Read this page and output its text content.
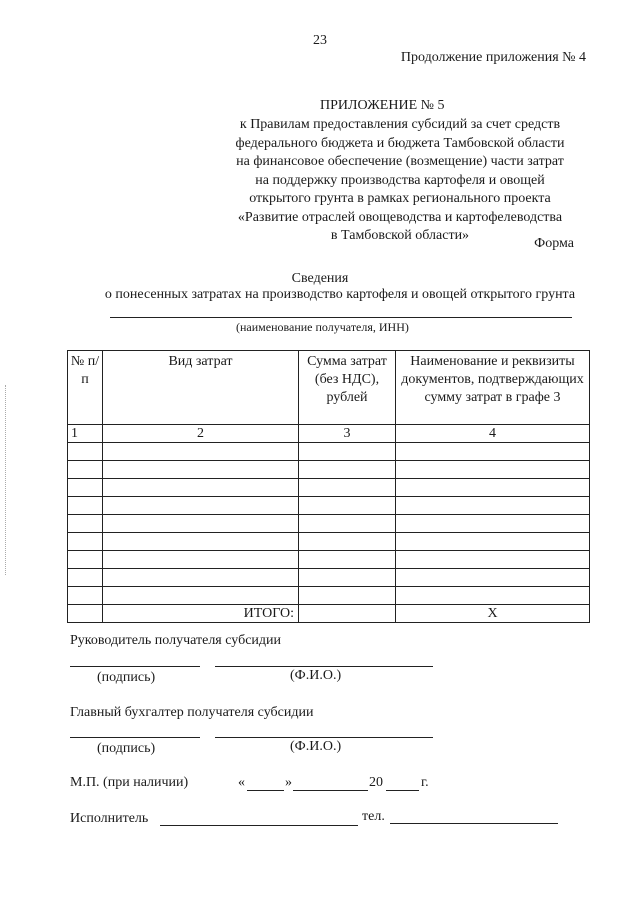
23
Продолжение приложения № 4
ПРИЛОЖЕНИЕ № 5
к Правилам предоставления субсидий за счет средств
федерального бюджета и бюджета Тамбовской области
на финансовое обеспечение (возмещение) части затрат
на поддержку производства картофеля и овощей
открытого грунта в рамках регионального проекта
«Развитие отраслей овощеводства и картофелеводства
в Тамбовской области»
Форма
Сведения
о понесенных затратах на производство картофеля и овощей открытого грунта
(наименование получателя, ИНН)
№ п/п	Вид затрат	Сумма затрат (без НДС), рублей	Наименование и реквизиты документов, подтверждающих сумму затрат в графе 3
1	2	3	4

	ИТОГО:		Х
Руководитель получателя субсидии
(подпись)	(Ф.И.О.)
Главный бухгалтер получателя субсидии
(подпись)	(Ф.И.О.)
М.П. (при наличии)	«	»	20	г.
Исполнитель	тел.
